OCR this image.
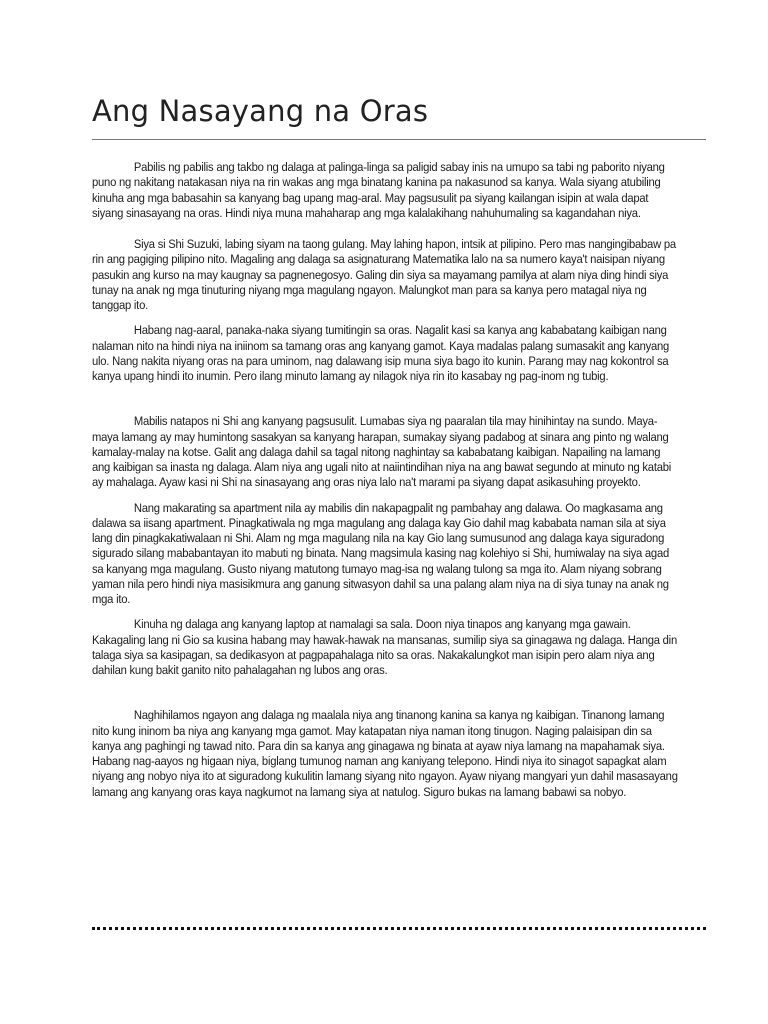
Ang Nasayang na Oras

Pabilis ng pabilis ang takbo ng dalaga at palinga-linga sa paligid sabay inis na umupo sa tabi ng paborito niyang puno ng nakitang natakasan niya na rin wakas ang mga binatang kanina pa nakasunod sa kanya. Wala siyang atubiling kinuha ang mga babasahin sa kanyang bag upang mag-aral. May pagsusulit pa siyang kailangan isipin at wala dapat siyang sinasayang na oras. Hindi niya muna mahaharap ang mga kalalakihang nahuhumaling sa kagandahan niya.

Siya si Shi Suzuki, labing siyam na taong gulang. May lahing hapon, intsik at pilipino. Pero mas nangingibabaw pa rin ang pagiging pilipino nito. Magaling ang dalaga sa asignaturang Matematika lalo na sa numero kaya't naisipan niyang pasukin ang kurso na may kaugnay sa pagnenegosyo. Galing din siya sa mayamang pamilya at alam niya ding hindi siya tunay na anak ng mga tinuturing niyang mga magulang ngayon. Malungkot man para sa kanya pero matagal niya ng tanggap ito.

Habang nag-aaral, panaka-naka siyang tumitingin sa oras. Nagalit kasi sa kanya ang kababatang kaibigan nang nalaman nito na hindi niya na iniinom sa tamang oras ang kanyang gamot. Kaya madalas palang sumasakit ang kanyang ulo. Nang nakita niyang oras na para uminom, nag dalawang isip muna siya bago ito kunin. Parang may nag kokontrol sa kanya upang hindi ito inumin. Pero ilang minuto lamang ay nilagok niya rin ito kasabay ng pag-inom ng tubig.

Mabilis natapos ni Shi ang kanyang pagsusulit. Lumabas siya ng paaralan tila may hinihintay na sundo. Maya-maya lamang ay may humintong sasakyan sa kanyang harapan, sumakay siyang padabog at sinara ang pinto ng walang kamalay-malay na kotse. Galit ang dalaga dahil sa tagal nitong naghintay sa kababatang kaibigan. Napailing na lamang ang kaibigan sa inasta ng dalaga. Alam niya ang ugali nito at naiintindihan niya na ang bawat segundo at minuto ng katabi ay mahalaga. Ayaw kasi ni Shi na sinasayang ang oras niya lalo na't marami pa siyang dapat asikasuhing proyekto.

Nang makarating sa apartment nila ay mabilis din nakapagpalit ng pambahay ang dalawa. Oo magkasama ang dalawa sa iisang apartment. Pinagkatiwala ng mga magulang ang dalaga kay Gio dahil mag kababata naman sila at siya lang din pinagkakatiwalaan ni Shi. Alam ng mga magulang nila na kay Gio lang sumusunod ang dalaga kaya siguradong sigurado silang mababantayan ito mabuti ng binata. Nang magsimula kasing nag kolehiyo si Shi, humiwalay na siya agad sa kanyang mga magulang. Gusto niyang matutong tumayo mag-isa ng walang tulong sa mga ito. Alam niyang sobrang yaman nila pero hindi niya masisikmura ang ganung sitwasyon dahil sa una palang alam niya na di siya tunay na anak ng mga ito.

Kinuha ng dalaga ang kanyang laptop at namalagi sa sala. Doon niya tinapos ang kanyang mga gawain. Kakagaling lang ni Gio sa kusina habang may hawak-hawak na mansanas, sumilip siya sa ginagawa ng dalaga. Hanga din talaga siya sa kasipagan, sa dedikasyon at pagpapahalaga nito sa oras. Nakakalungkot man isipin pero alam niya ang dahilan kung bakit ganito nito pahalagahan ng lubos ang oras.

Naghihilamos ngayon ang dalaga ng maalala niya ang tinanong kanina sa kanya ng kaibigan. Tinanong lamang nito kung ininom ba niya ang kanyang mga gamot. May katapatan niya naman itong tinugon. Naging palaisipan din sa kanya ang paghingi ng tawad nito. Para din sa kanya ang ginagawa ng binata at ayaw niya lamang na mapahamak siya. Habang nag-aayos ng higaan niya, biglang tumunog naman ang kaniyang telepono. Hindi niya ito sinagot sapagkat alam niyang ang nobyo niya ito at siguradong kukulitin lamang siyang nito ngayon. Ayaw niyang mangyari yun dahil masasayang lamang ang kanyang oras kaya nagkumot na lamang siya at natulog. Siguro bukas na lamang babawi sa nobyo.
